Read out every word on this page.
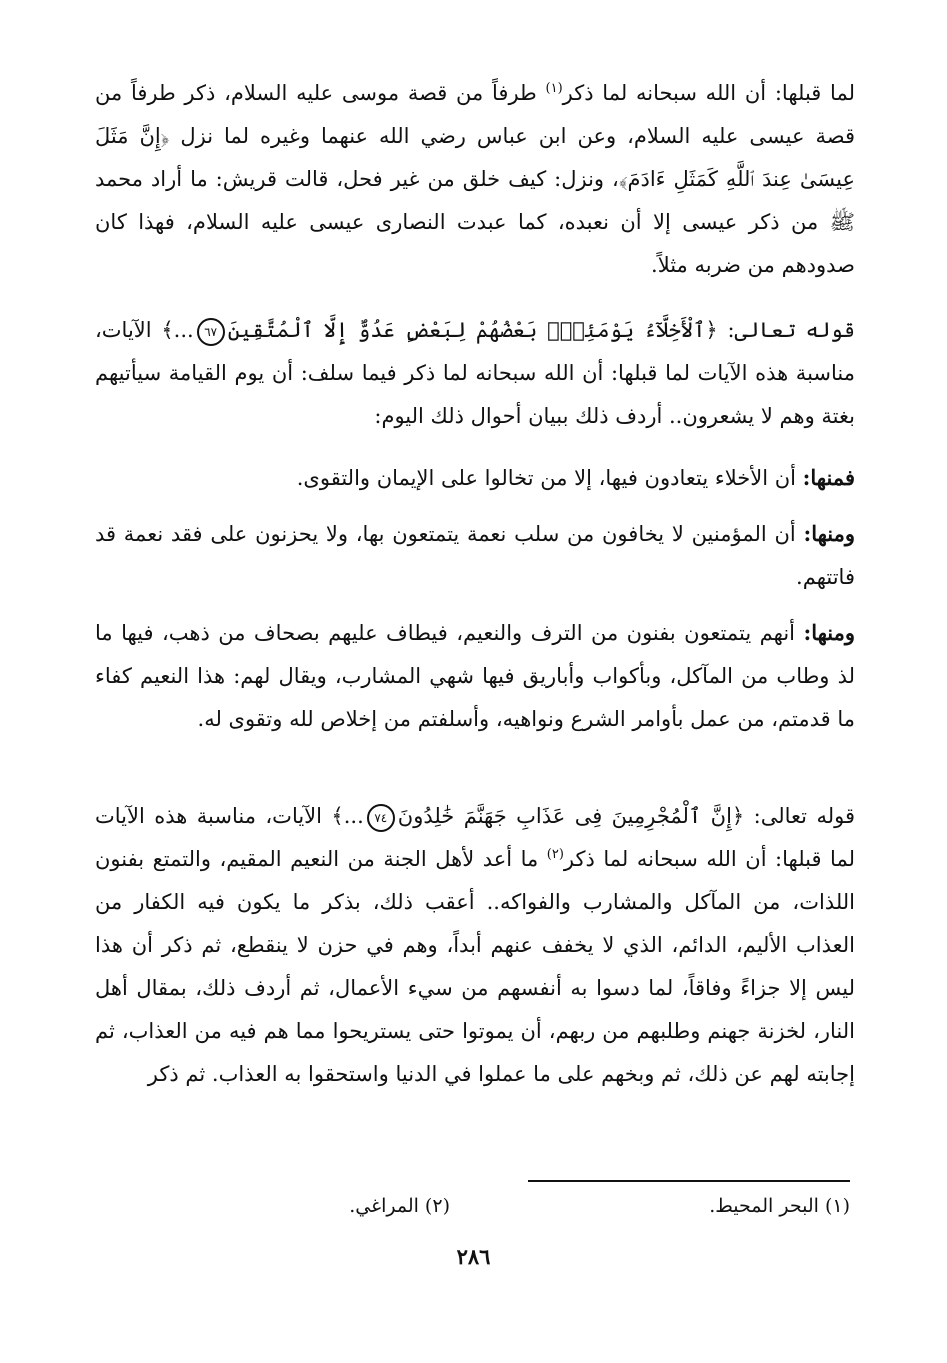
لما قبلها: أن الله سبحانه لما ذكر$^{(١)}$ طرفاً من قصة موسى عليه السلام، ذكر طرفاً من قصة عيسى عليه السلام، وعن ابن عباس رضي الله عنهما وغيره لما نزل ﴿إِنَّ مَثَلَ عِيسَىٰ عِندَ ٱللَّهِ كَمَثَلِ ءَادَمَ﴾، ونزل: كيف خلق من غير فحل، قالت قريش: ما أراد محمد ﷺ من ذكر عيسى إلا أن نعبده، كما عبدت النصارى عيسى عليه السلام، فهذا كان صدودهم من ضربه مثلاً.

قوله تعالى: ﴿ٱلْأَخِلَّآءُ يَوْمَئِذٍۭ بَعْضُهُمْ لِبَعْضٍ عَدُوٌّ إِلَّا ٱلْمُتَّقِينَ٦٧...﴾ الآيات، مناسبة هذه الآيات لما قبلها: أن الله سبحانه لما ذكر فيما سلف: أن يوم القيامة سيأتيهم بغتة وهم لا يشعرون.. أردف ذلك ببيان أحوال ذلك اليوم:

فمنها: أن الأخلاء يتعادون فيها، إلا من تخالوا على الإيمان والتقوى.

ومنها: أن المؤمنين لا يخافون من سلب نعمة يتمتعون بها، ولا يحزنون على فقد نعمة قد فاتتهم.

ومنها: أنهم يتمتعون بفنون من الترف والنعيم، فيطاف عليهم بصحاف من ذهب، فيها ما لذ وطاب من المآكل، وبأكواب وأباريق فيها شهي المشارب، ويقال لهم: هذا النعيم كفاء ما قدمتم، من عمل بأوامر الشرع ونواهيه، وأسلفتم من إخلاص لله وتقوى له.

قوله تعالى: ﴿إِنَّ ٱلْمُجْرِمِينَ فِى عَذَابِ جَهَنَّمَ خَٰلِدُونَ٧٤...﴾ الآيات، مناسبة هذه الآيات لما قبلها: أن الله سبحانه لما ذكر$^{(٢)}$ ما أعد لأهل الجنة من النعيم المقيم، والتمتع بفنون اللذات، من المآكل والمشارب والفواكه.. أعقب ذلك، بذكر ما يكون فيه الكفار من العذاب الأليم، الدائم، الذي لا يخفف عنهم أبداً، وهم في حزن لا ينقطع، ثم ذكر أن هذا ليس إلا جزاءً وفاقاً، لما دسوا به أنفسهم من سيء الأعمال، ثم أردف ذلك، بمقال أهل النار، لخزنة جهنم وطلبهم من ربهم، أن يموتوا حتى يستريحوا مما هم فيه من العذاب، ثم إجابته لهم عن ذلك، ثم وبخهم على ما عملوا في الدنيا واستحقوا به العذاب. ثم ذكر

(١) البحر المحيط.
(٢) المراغي.
٢٨٦
